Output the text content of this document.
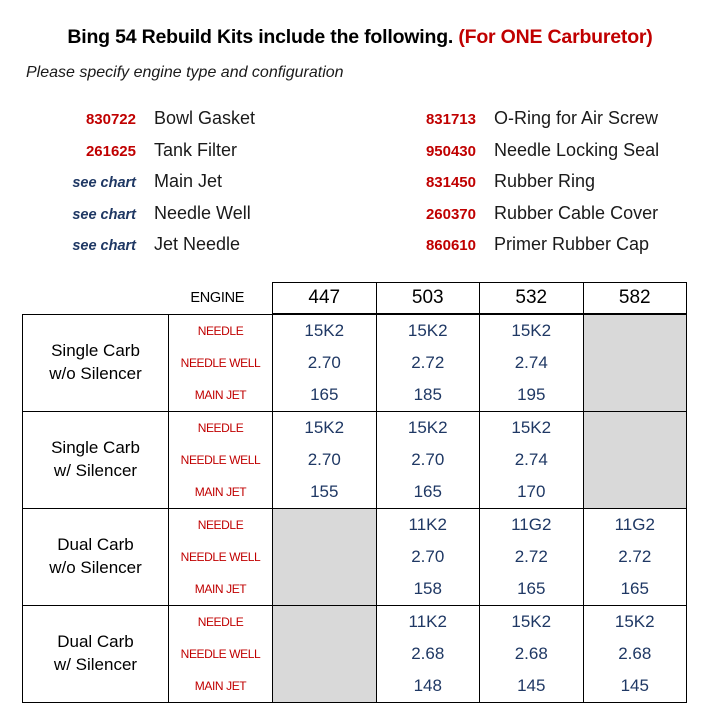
Bing 54 Rebuild Kits include the following. (For ONE Carburetor)
Please specify engine type and configuration
830722	Bowl Gasket
261625	Tank Filter
see chart	Main Jet
see chart	Needle Well
see chart	Jet Needle
831713	O-Ring for Air Screw
950430	Needle Locking Seal
831450	Rubber Ring
260370	Rubber Cable Cover
860610	Primer Rubber Cap
	ENGINE	447	503	532	582

Single Carb
w/o Silencer	NEEDLE	15K2	15K2	15K2	
	NEEDLE WELL	2.70	2.72	2.74	
	MAIN JET	165	185	195	

Single Carb
w/ Silencer	NEEDLE	15K2	15K2	15K2	
	NEEDLE WELL	2.70	2.70	2.74	
	MAIN JET	155	165	170	

Dual Carb
w/o Silencer	NEEDLE		11K2	11G2	11G2
	NEEDLE WELL		2.70	2.72	2.72
	MAIN JET		158	165	165

Dual Carb
w/ Silencer	NEEDLE		11K2	15K2	15K2
	NEEDLE WELL		2.68	2.68	2.68
	MAIN JET		148	145	145
